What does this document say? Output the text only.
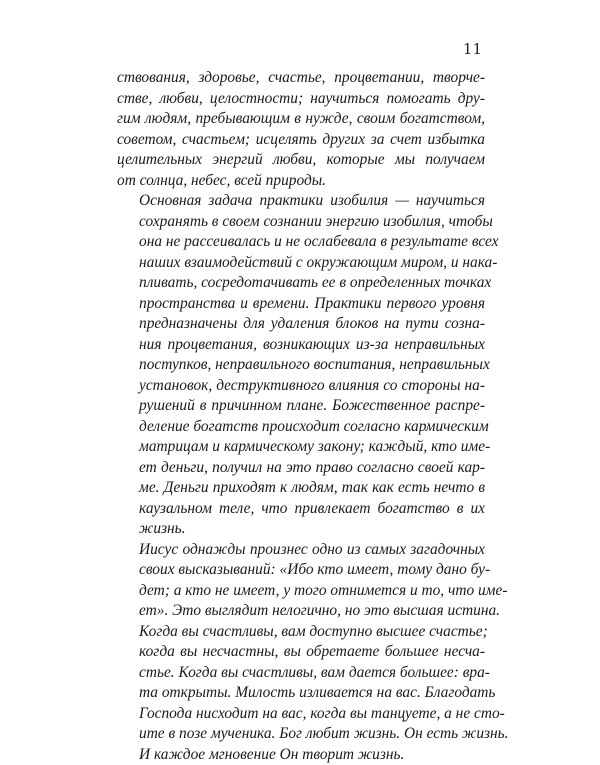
11

ствования, здоровье, счастье, процветании, творче-
стве, любви, целостности; научиться помогать дру-
гим людям, пребывающим в нужде, своим богатством,
советом, счастьем; исцелять других за счет избытка
целительных энергий любви, которые мы получаем
от солнца, небес, всей природы.

Основная задача практики изобилия — научиться
сохранять в своем сознании энергию изобилия, чтобы
она не рассеивалась и не ослабевала в результате всех
наших взаимодействий с окружающим миром, и нака-
пливать, сосредотачивать ее в определенных точках
пространства и времени. Практики первого уровня
предназначены для удаления блоков на пути созна-
ния процветания, возникающих из-за неправильных
поступков, неправильного воспитания, неправильных
установок, деструктивного влияния со стороны на-
рушений в причинном плане. Божественное распре-
деление богатств происходит согласно кармическим
матрицам и кармическому закону; каждый, кто име-
ет деньги, получил на это право согласно своей кар-
ме. Деньги приходят к людям, так как есть нечто в
каузальном теле, что привлекает богатство в их
жизнь.

Иисус однажды произнес одно из самых загадочных
своих высказываний: «Ибо кто имеет, тому дано бу-
дет; а кто не имеет, у того отнимется и то, что име-
ет». Это выглядит нелогично, но это высшая истина.
Когда вы счастливы, вам доступно высшее счастье;
когда вы несчастны, вы обретаете большее несча-
стье. Когда вы счастливы, вам дается большее: вра-
та открыты. Милость изливается на вас. Благодать
Господа нисходит на вас, когда вы танцуете, а не сто-
ите в позе мученика. Бог любит жизнь. Он есть жизнь.
И каждое мгновение Он творит жизнь.
